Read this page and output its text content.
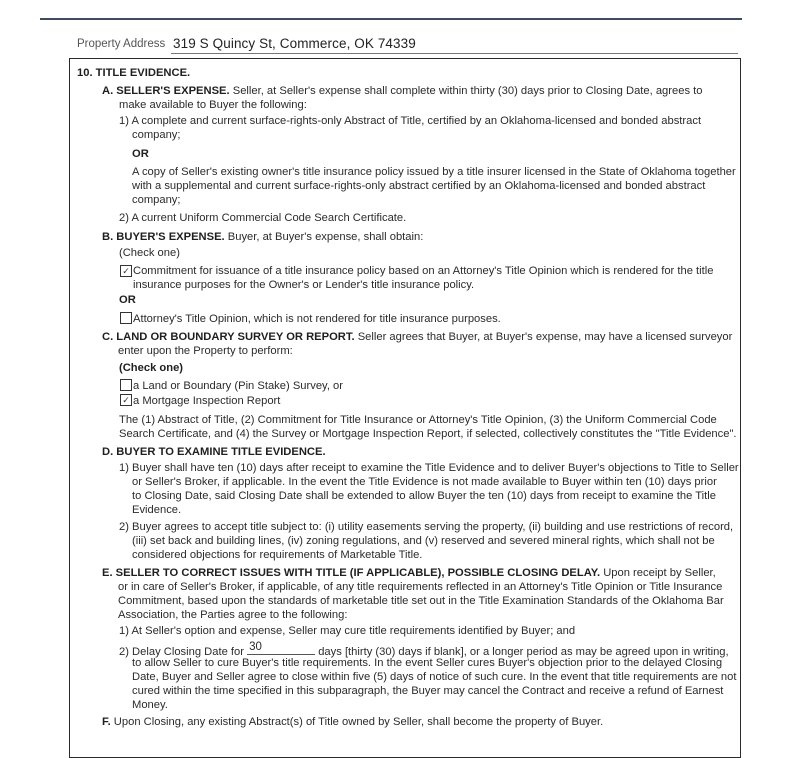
Property Address 319 S Quincy St, Commerce, OK 74339
10. TITLE EVIDENCE.
A. SELLER'S EXPENSE. Seller, at Seller's expense shall complete within thirty (30) days prior to Closing Date, agrees to
make available to Buyer the following:
1) A complete and current surface-rights-only Abstract of Title, certified by an Oklahoma-licensed and bonded abstract
company;
OR
A copy of Seller's existing owner's title insurance policy issued by a title insurer licensed in the State of Oklahoma together
with a supplemental and current surface-rights-only abstract certified by an Oklahoma-licensed and bonded abstract
company;
2) A current Uniform Commercial Code Search Certificate.
B. BUYER'S EXPENSE. Buyer, at Buyer's expense, shall obtain:
(Check one)
✓ Commitment for issuance of a title insurance policy based on an Attorney's Title Opinion which is rendered for the title
insurance purposes for the Owner's or Lender's title insurance policy.
OR
Attorney's Title Opinion, which is not rendered for title insurance purposes.
C. LAND OR BOUNDARY SURVEY OR REPORT. Seller agrees that Buyer, at Buyer's expense, may have a licensed surveyor
enter upon the Property to perform:
(Check one)
a Land or Boundary (Pin Stake) Survey, or
✓ a Mortgage Inspection Report
The (1) Abstract of Title, (2) Commitment for Title Insurance or Attorney's Title Opinion, (3) the Uniform Commercial Code
Search Certificate, and (4) the Survey or Mortgage Inspection Report, if selected, collectively constitutes the "Title Evidence".
D. BUYER TO EXAMINE TITLE EVIDENCE.
1) Buyer shall have ten (10) days after receipt to examine the Title Evidence and to deliver Buyer's objections to Title to Seller
or Seller's Broker, if applicable. In the event the Title Evidence is not made available to Buyer within ten (10) days prior
to Closing Date, said Closing Date shall be extended to allow Buyer the ten (10) days from receipt to examine the Title
Evidence.
2) Buyer agrees to accept title subject to: (i) utility easements serving the property, (ii) building and use restrictions of record,
(iii) set back and building lines, (iv) zoning regulations, and (v) reserved and severed mineral rights, which shall not be
considered objections for requirements of Marketable Title.
E. SELLER TO CORRECT ISSUES WITH TITLE (IF APPLICABLE), POSSIBLE CLOSING DELAY. Upon receipt by Seller,
or in care of Seller's Broker, if applicable, of any title requirements reflected in an Attorney's Title Opinion or Title Insurance
Commitment, based upon the standards of marketable title set out in the Title Examination Standards of the Oklahoma Bar
Association, the Parties agree to the following:
1) At Seller's option and expense, Seller may cure title requirements identified by Buyer; and
2) Delay Closing Date for 30	days [thirty (30) days if blank], or a longer period as may be agreed upon in writing,
to allow Seller to cure Buyer's title requirements. In the event Seller cures Buyer's objection prior to the delayed Closing
Date, Buyer and Seller agree to close within five (5) days of notice of such cure. In the event that title requirements are not
cured within the time specified in this subparagraph, the Buyer may cancel the Contract and receive a refund of Earnest
Money.
F. Upon Closing, any existing Abstract(s) of Title owned by Seller, shall become the property of Buyer.
